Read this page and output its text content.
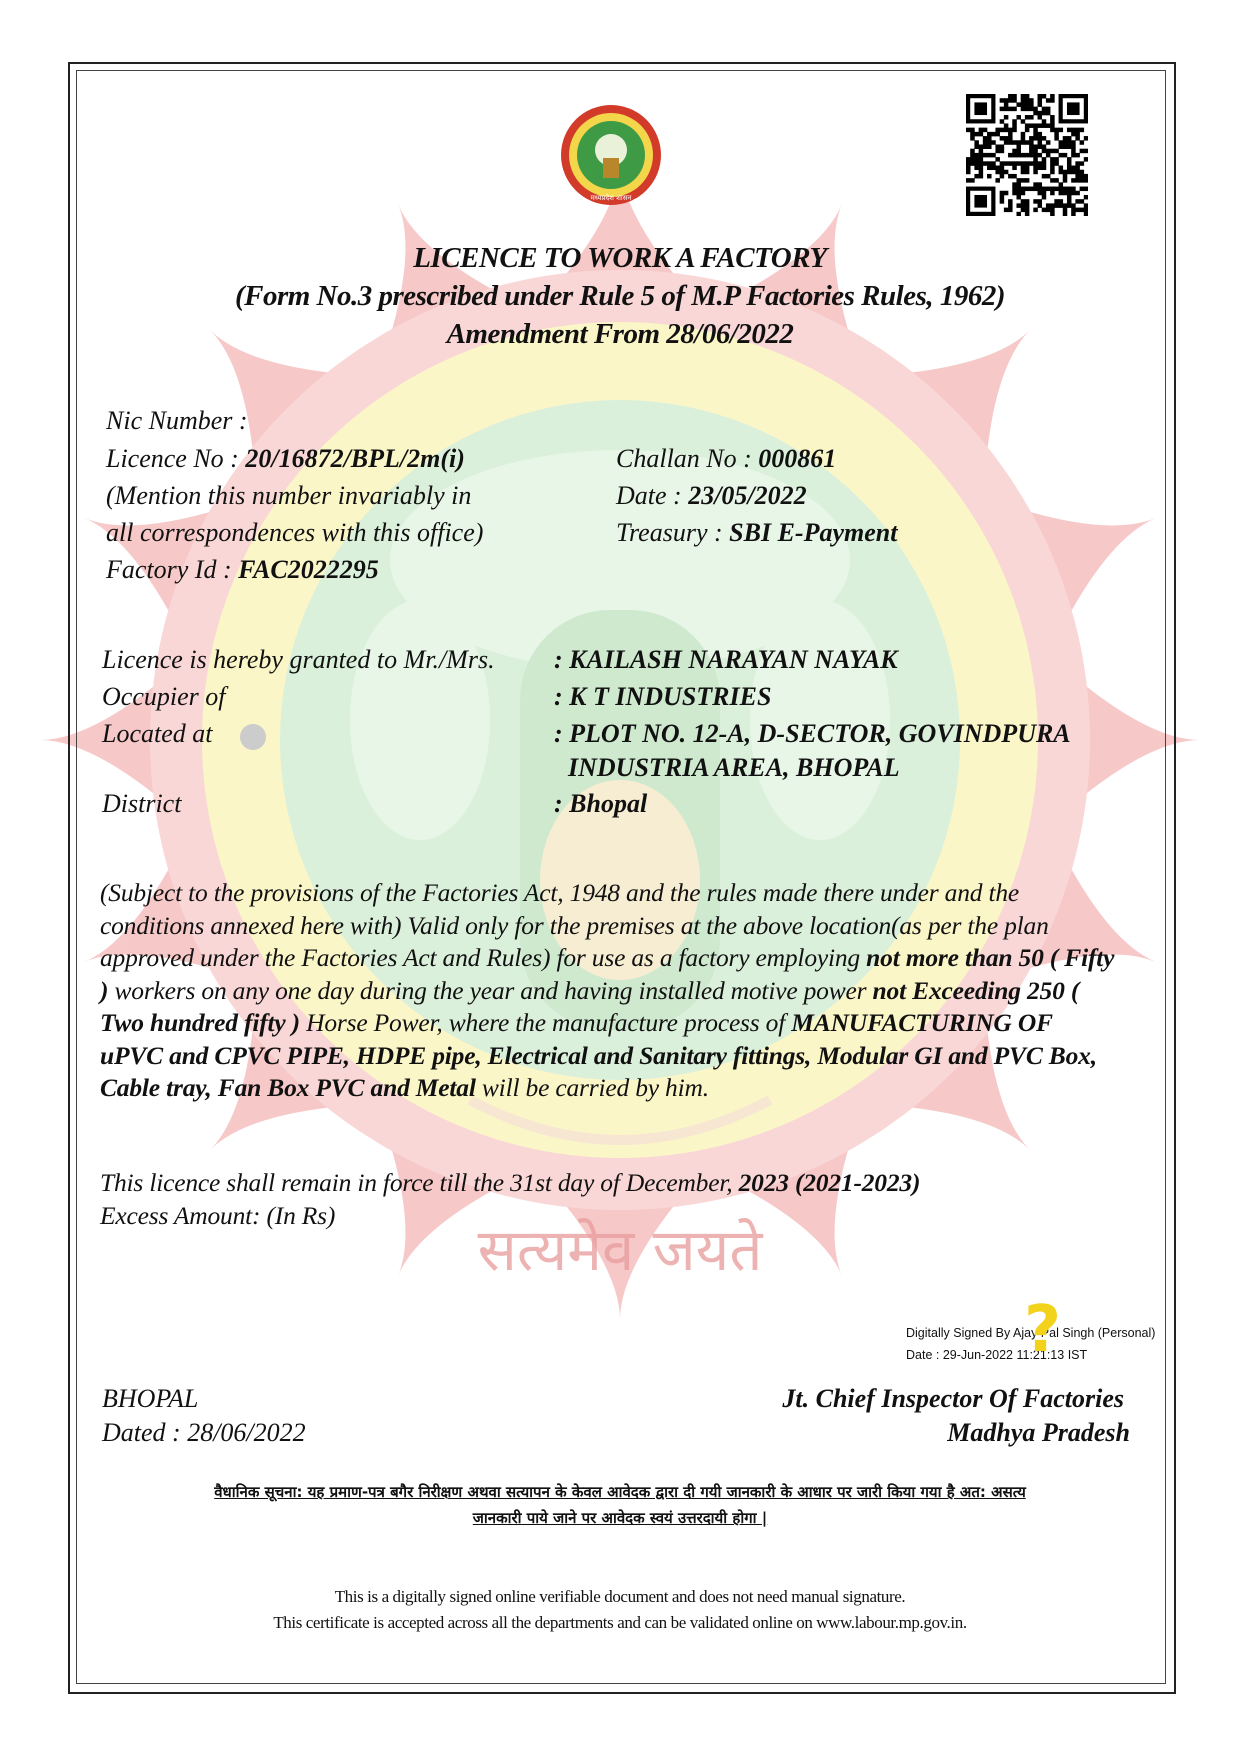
सत्यमेव जयते
मध्यप्रदेश शासन
LICENCE TO WORK A FACTORY
(Form No.3 prescribed under Rule 5 of M.P Factories Rules, 1962)
Amendment From 28/06/2022
Nic Number :
Licence No : 20/16872/BPL/2m(i)
(Mention this number invariably in
all correspondences with this office)
Factory Id : FAC2022295
Challan No : 000861
Date : 23/05/2022
Treasury : SBI E-Payment
Licence is hereby granted to Mr./Mrs. : KAILASH NARAYAN NAYAK
Occupier of	: K T INDUSTRIES
Located at	: PLOT NO. 12-A, D-SECTOR, GOVINDPURA
INDUSTRIA AREA, BHOPAL
District	: Bhopal
(Subject to the provisions of the Factories Act, 1948 and the rules made there under and the conditions annexed here with) Valid only for the premises at the above location(as per the plan approved under the Factories Act and Rules) for use as a factory employing not more than 50 ( Fifty ) workers on any one day during the year and having installed motive power not Exceeding 250 ( Two hundred fifty ) Horse Power, where the manufacture process of MANUFACTURING OF uPVC and CPVC PIPE, HDPE pipe, Electrical and Sanitary fittings, Modular GI and PVC Box, Cable tray, Fan Box PVC and Metal will be carried by him.
This licence shall remain in force till the 31st day of December, 2023 (2021-2023)
Excess Amount: (In Rs)
Digitally Signed By Ajay Pal Singh (Personal)
Date : 29-Jun-2022 11:21:13 IST
?
BHOPAL
Dated : 28/06/2022
Jt. Chief Inspector Of Factories
Madhya Pradesh
वैधानिक सूचना: यह प्रमाण-पत्र बगैर निरीक्षण अथवा सत्यापन के केवल आवेदक द्वारा दी गयी जानकारी के आधार पर जारी किया गया है अत: असत्य
जानकारी पाये जाने पर आवेदक स्वयं उत्तरदायी होगा |
This is a digitally signed online verifiable document and does not need manual signature.
This certificate is accepted across all the departments and can be validated online on www.labour.mp.gov.in.
